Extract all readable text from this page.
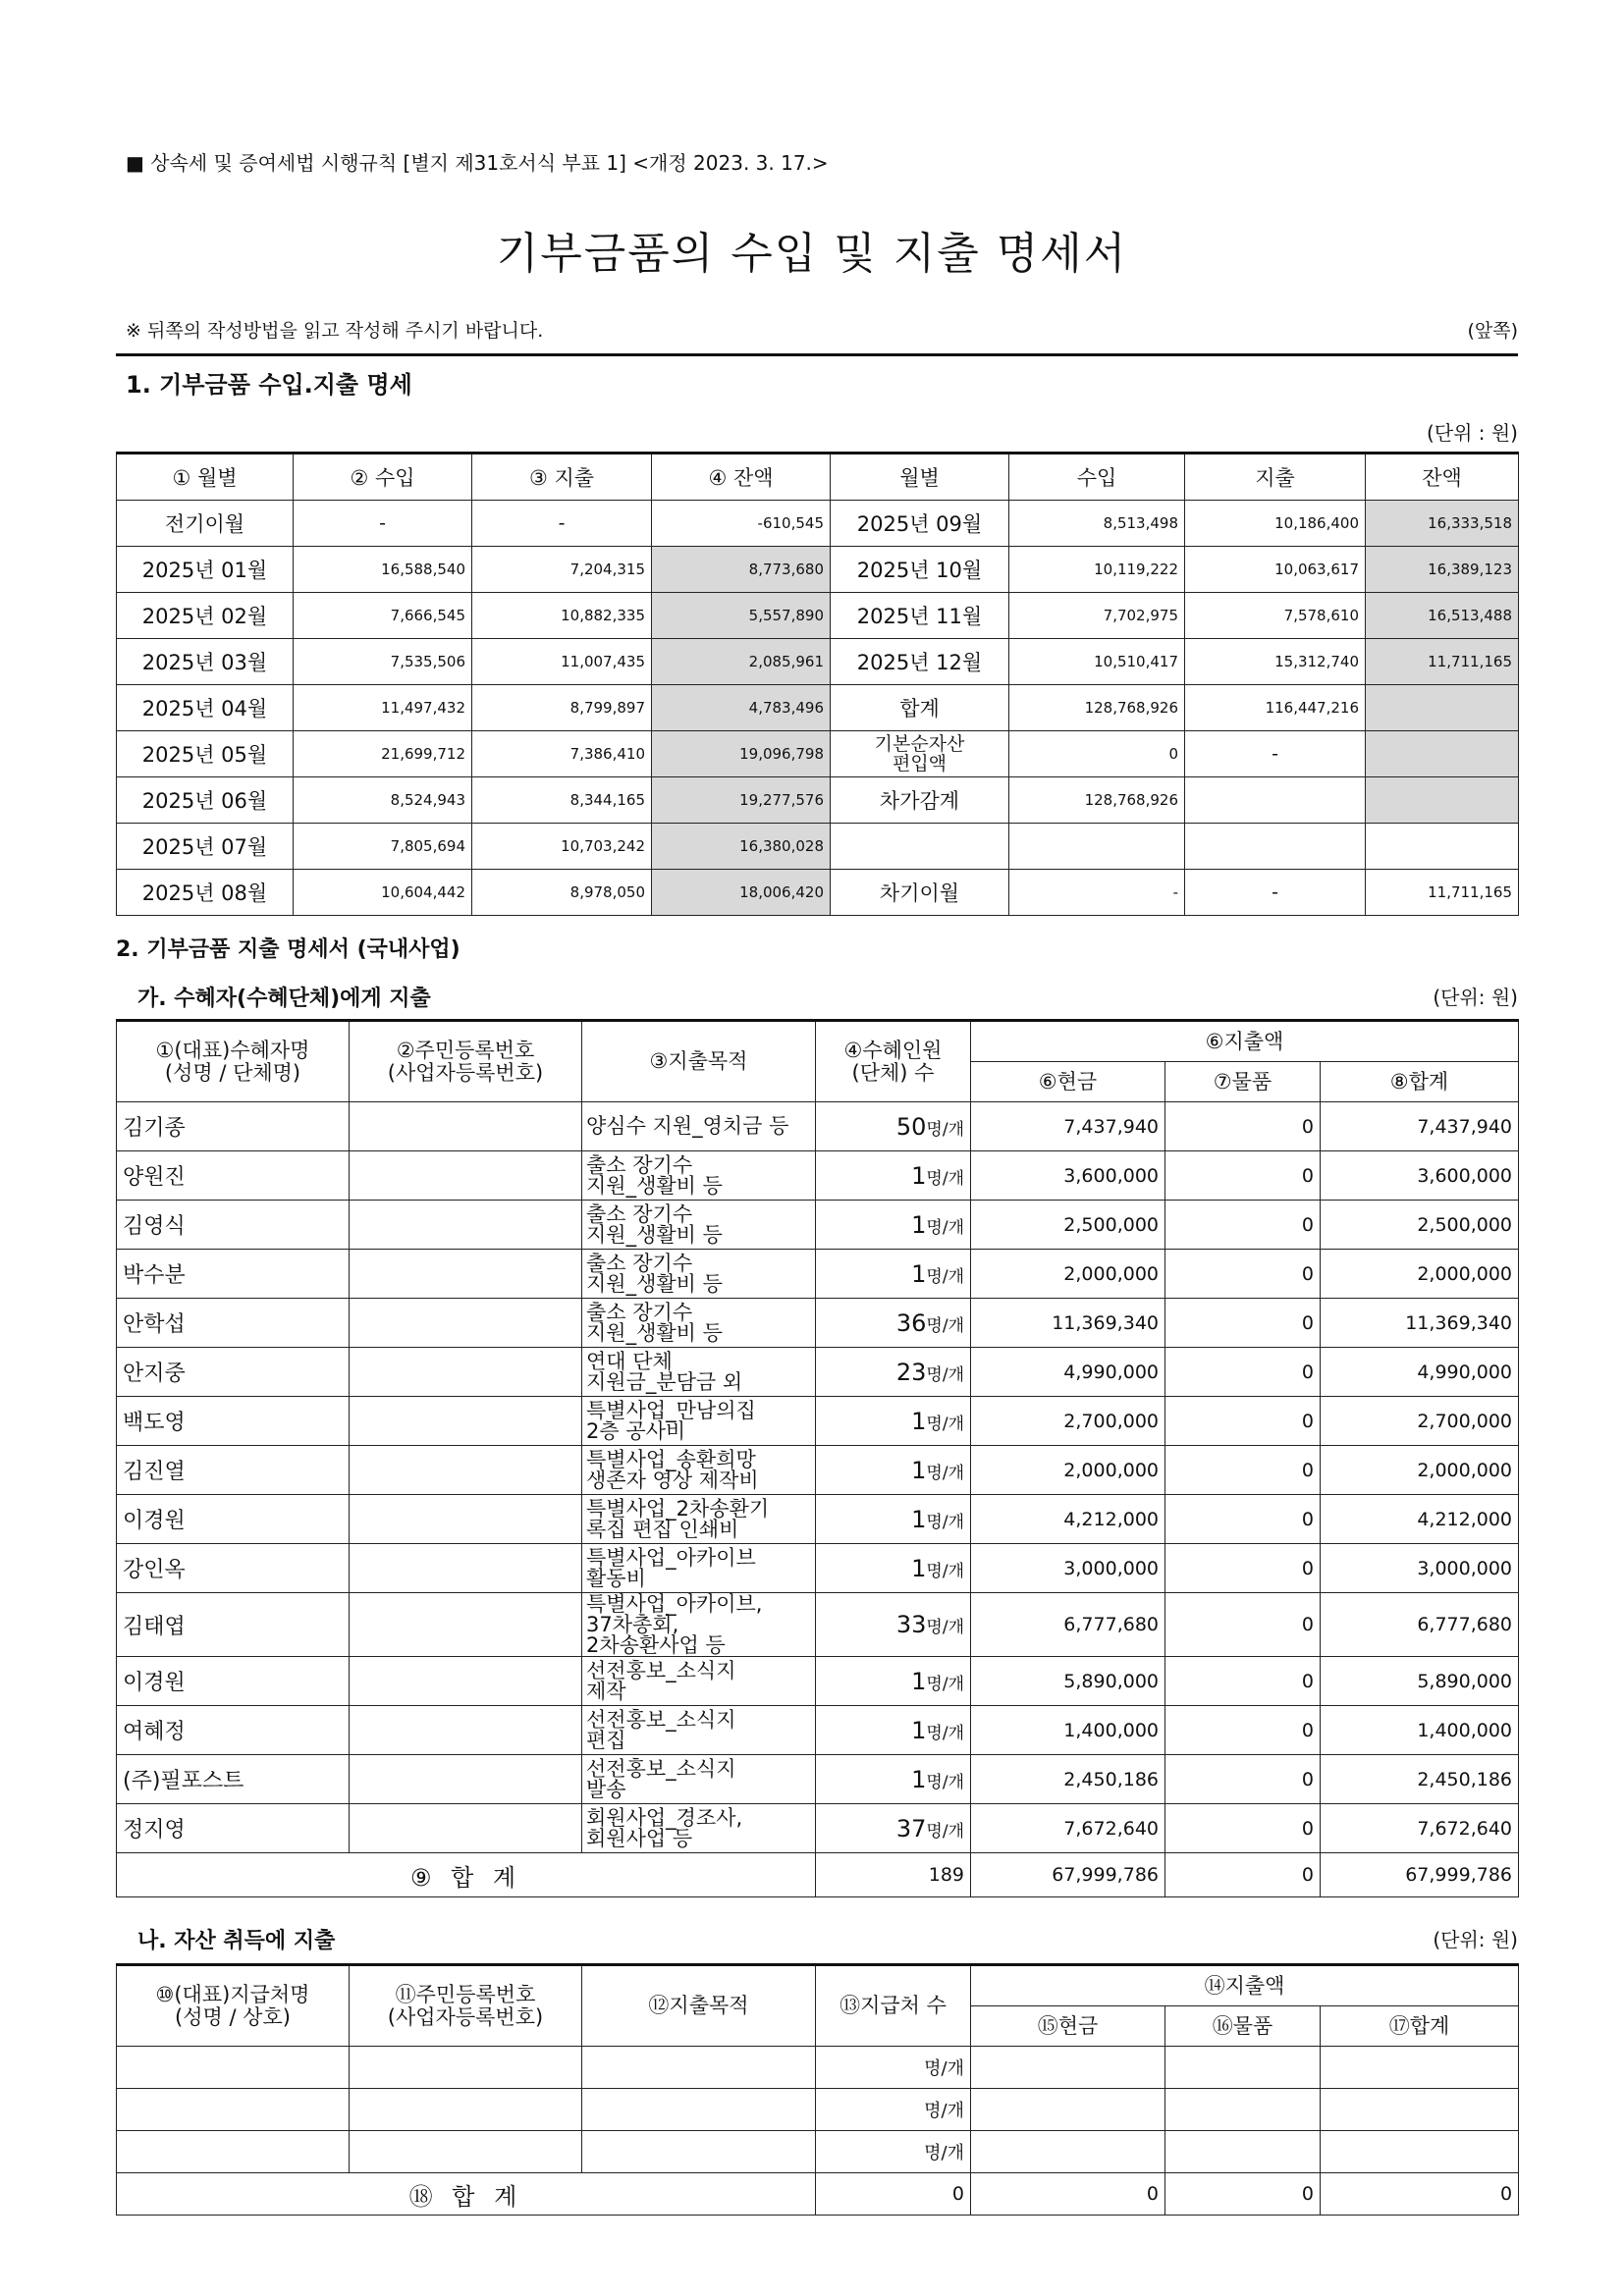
■ 상속세 및 증여세법 시행규칙 [별지 제31호서식 부표 1] <개정 2023. 3. 17.>
기부금품의 수입 및 지출 명세서
※ 뒤쪽의 작성방법을 읽고 작성해 주시기 바랍니다.	(앞쪽)
1. 기부금품 수입.지출 명세
(단위 : 원)
① 월별	② 수입	③ 지출	④ 잔액	월별	수입	지출	잔액
전기이월	-	-	-610,545	2025년 09월	8,513,498	10,186,400	16,333,518
2025년 01월	16,588,540	7,204,315	8,773,680	2025년 10월	10,119,222	10,063,617	16,389,123
2025년 02월	7,666,545	10,882,335	5,557,890	2025년 11월	7,702,975	7,578,610	16,513,488
2025년 03월	7,535,506	11,007,435	2,085,961	2025년 12월	10,510,417	15,312,740	11,711,165
2025년 04월	11,497,432	8,799,897	4,783,496	합계	128,768,926	116,447,216	
2025년 05월	21,699,712	7,386,410	19,096,798	기본순자산
편입액	0	-	
2025년 06월	8,524,943	8,344,165	19,277,576	차가감계	128,768,926		
2025년 07월	7,805,694	10,703,242	16,380,028				
2025년 08월	10,604,442	8,978,050	18,006,420	차기이월	-	-	11,711,165
2. 기부금품 지출 명세서 (국내사업)
가. 수혜자(수혜단체)에게 지출	(단위: 원)
①(대표)수혜자명
(성명 / 단체명)	②주민등록번호
(사업자등록번호)	③지출목적	④수혜인원
(단체) 수	⑥지출액		
				⑥현금	⑦물품	⑧합계
김기종		양심수 지원_영치금 등	50명/개	7,437,940	0	7,437,940
양원진		출소 장기수
지원_생활비 등	1명/개	3,600,000	0	3,600,000
김영식		출소 장기수
지원_생활비 등	1명/개	2,500,000	0	2,500,000
박수분		출소 장기수
지원_생활비 등	1명/개	2,000,000	0	2,000,000
안학섭		출소 장기수
지원_생활비 등	36명/개	11,369,340	0	11,369,340
안지중		연대 단체
지원금_분담금 외	23명/개	4,990,000	0	4,990,000
백도영		특별사업_만남의집
2층 공사비	1명/개	2,700,000	0	2,700,000
김진열		특별사업_송환희망
생존자 영상 제작비	1명/개	2,000,000	0	2,000,000
이경원		특별사업_2차송환기
록집 편집 인쇄비	1명/개	4,212,000	0	4,212,000
강인옥		특별사업_아카이브
활동비	1명/개	3,000,000	0	3,000,000
김태엽		특별사업_아카이브,
37차총회,
2차송환사업 등	33명/개	6,777,680	0	6,777,680
이경원		선전홍보_소식지
제작	1명/개	5,890,000	0	5,890,000
여혜정		선전홍보_소식지
편집	1명/개	1,400,000	0	1,400,000
(주)필포스트		선전홍보_소식지
발송	1명/개	2,450,186	0	2,450,186
정지영		회원사업_경조사,
회원사업 등	37명/개	7,672,640	0	7,672,640
⑨ 합 계			189	67,999,786	0	67,999,786
나. 자산 취득에 지출	(단위: 원)
⑩(대표)지급처명
(성명 / 상호)	⑪주민등록번호
(사업자등록번호)	⑫지출목적	⑬지급처 수	⑭지출액		
				⑮현금	⑯물품	⑰합계
			명/개			
			명/개			
			명/개			
⑱ 합 계			0	0	0	0
